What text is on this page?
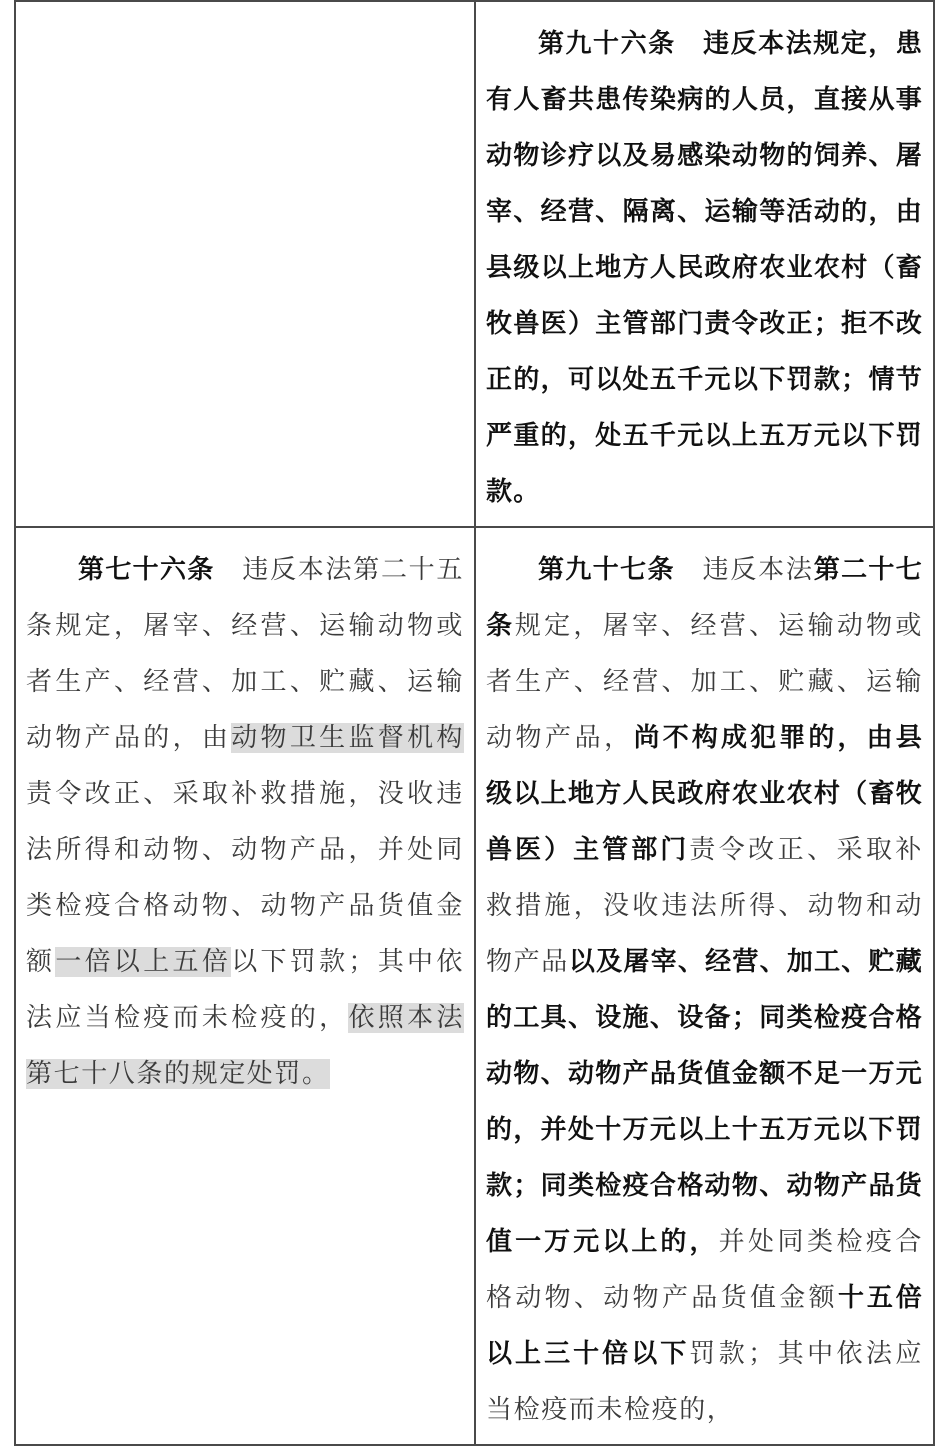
	第九十六条　 违反本法规定，患有人畜共患传染病的人员，直接从事动物诊疗以及易感染动物的饲养、屠宰、经营、隔离、运输等活动的，由县级以上地方人民政府农业农村（畜牧兽医）主管部门责令改正；拒不改正的，可以处五千元以下罚款；情节严重的，处五千元以上五万元以下罚款。

第七十六条　 违反本法第二十五条规定，屠宰、经营、运输动物或者生产、经营、加工、贮藏、运输动物产品的，由动物卫生监督机构责令改正、采取补救措施，没收违法所得和动物、动物产品，并处同类检疫合格动物、动物产品货值金额一倍以上五倍以下罚款；其中依法应当检疫而未检疫的，依照本法第七十八条的规定处罚。	第九十七条　 违反本法第二十七条规定，屠宰、经营、运输动物或者生产、经营、加工、贮藏、运输动物产品，尚不构成犯罪的，由县级以上地方人民政府农业农村（畜牧兽医）主管部门责令改正、采取补救措施，没收违法所得、动物和动物产品以及屠宰、经营、加工、贮藏的工具、设施、设备；同类检疫合格动物、动物产品货值金额不足一万元的，并处十万元以上十五万元以下罚款；同类检疫合格动物、动物产品货值一万元以上的，并处同类检疫合格动物、动物产品货值金额十五倍以上三十倍以下罚款；其中依法应当检疫而未检疫的，
